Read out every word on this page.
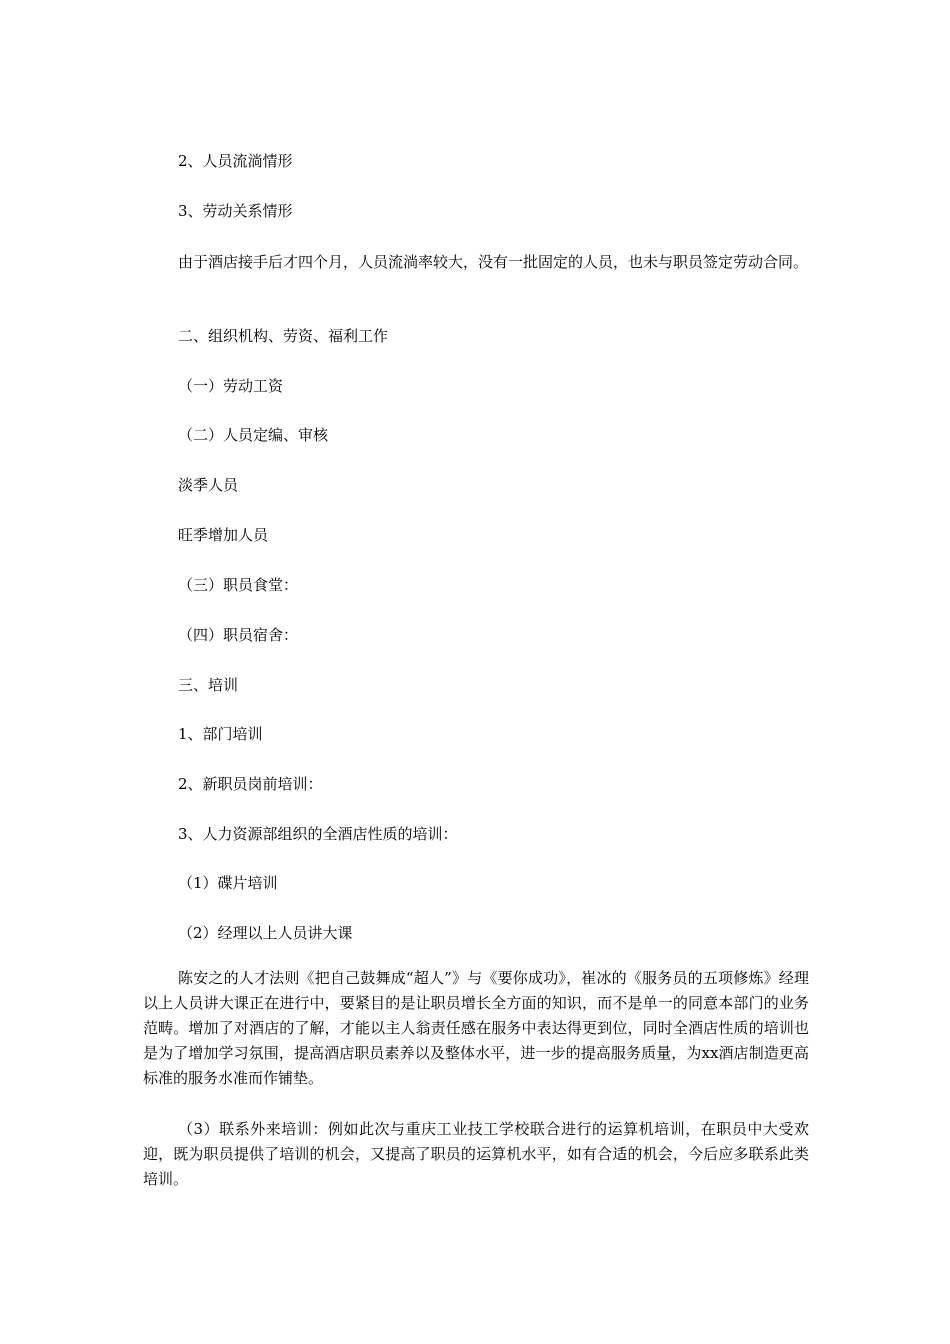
2、人员流淌情形
3、劳动关系情形
由于酒店接手后才四个月，人员流淌率较大，没有一批固定的人员，也未与职员签定劳动合同。
二、组织机构、劳资、福利工作
（一）劳动工资
（二）人员定编、审核
淡季人员
旺季增加人员
（三）职员食堂：
（四）职员宿舍：
三、培训
1、部门培训
2、新职员岗前培训：
3、人力资源部组织的全酒店性质的培训：
（1）碟片培训
（2）经理以上人员讲大课
陈安之的人才法则《把自己鼓舞成“超人”》与《要你成功》，崔冰的《服务员的五项修炼》经理以上人员讲大课正在进行中，要紧目的是让职员增长全方面的知识，而不是单一的同意本部门的业务范畴。增加了对酒店的了解，才能以主人翁责任感在服务中表达得更到位，同时全酒店性质的培训也是为了增加学习氛围，提高酒店职员素养以及整体水平，进一步的提高服务质量，为xx酒店制造更高标准的服务水准而作铺垫。
（3）联系外来培训：例如此次与重庆工业技工学校联合进行的运算机培训，在职员中大受欢迎，既为职员提供了培训的机会，又提高了职员的运算机水平，如有合适的机会，今后应多联系此类培训。
